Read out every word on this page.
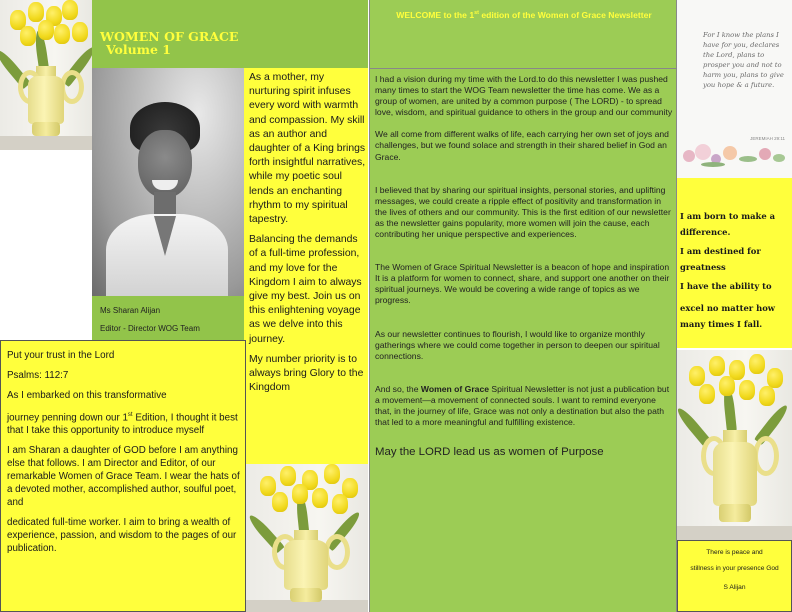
WOMEN OF GRACE
Volume 1
Ms Sharan Alijan
Editor - Director WOG Team

As a mother, my nurturing spirit infuses every word with warmth and compassion. My skill as an author and daughter of a King brings forth insightful narratives, while my poetic soul lends an enchanting rhythm to my spiritual tapestry.

Balancing the demands of a full-time profession, and my love for the Kingdom I aim to always give my best. Join us on this enlightening voyage as we delve into this journey.

My number priority is to always bring Glory to the Kingdom

Put your trust in the Lord

Psalms: 112:7

As I embarked on this transformative

journey penning down our 1st Edition, I thought it best that I take this opportunity to introduce myself

I am Sharan a daughter of GOD before I am anything else that follows. I am Director and Editor, of our remarkable Women of Grace Team. I wear the hats of a devoted mother, accomplished author, soulful poet, and

dedicated full-time worker. I aim to bring a wealth of experience, passion, and wisdom to the pages of our publication.

WELCOME to the 1st edition of the Women of Grace Newsletter

I had a vision during my time with the Lord.to do this newsletter I was pushed many times to start the WOG Team newsletter the time has come. We as a group of women, are united by a common purpose ( The LORD) - to spread love, wisdom, and spiritual guidance to others in the group and our community

We all come from different walks of life, each carrying her own set of joys and challenges, but we found solace and strength in their shared belief in God an Grace.

I believed that by sharing our spiritual insights, personal stories, and uplifting messages, we could create a ripple effect of positivity and transformation in the lives of others and our community. This is the first edition of our newsletter as the newsletter gains popularity, more women will join the cause, each contributing her unique perspective and experiences.

The Women of Grace Spiritual Newsletter is a beacon of hope and inspiration It is a platform for women to connect, share, and support one another on their spiritual journeys. We would be covering a wide range of topics as we progress.

As our newsletter continues to flourish, I would like to organize monthly gatherings where we could come together in person to deepen our spiritual connections.

And so, the Women of Grace Spiritual Newsletter is not just a publication but a movement—a movement of connected souls. I want to remind everyone that, in the journey of life, Grace was not only a destination but also the path that led to a more meaningful and fulfilling existence.

May the LORD lead us as women of Purpose

For I know the plans I have for you, declares the Lord, plans to prosper you and not to harm you, plans to give you hope & a future.
JEREMIAH 29:11

I am born to make a difference.

I am destined for greatness

I have the ability to

excel no matter how many times I fall.

There is peace and

stillness in your presence God

S Alijan
